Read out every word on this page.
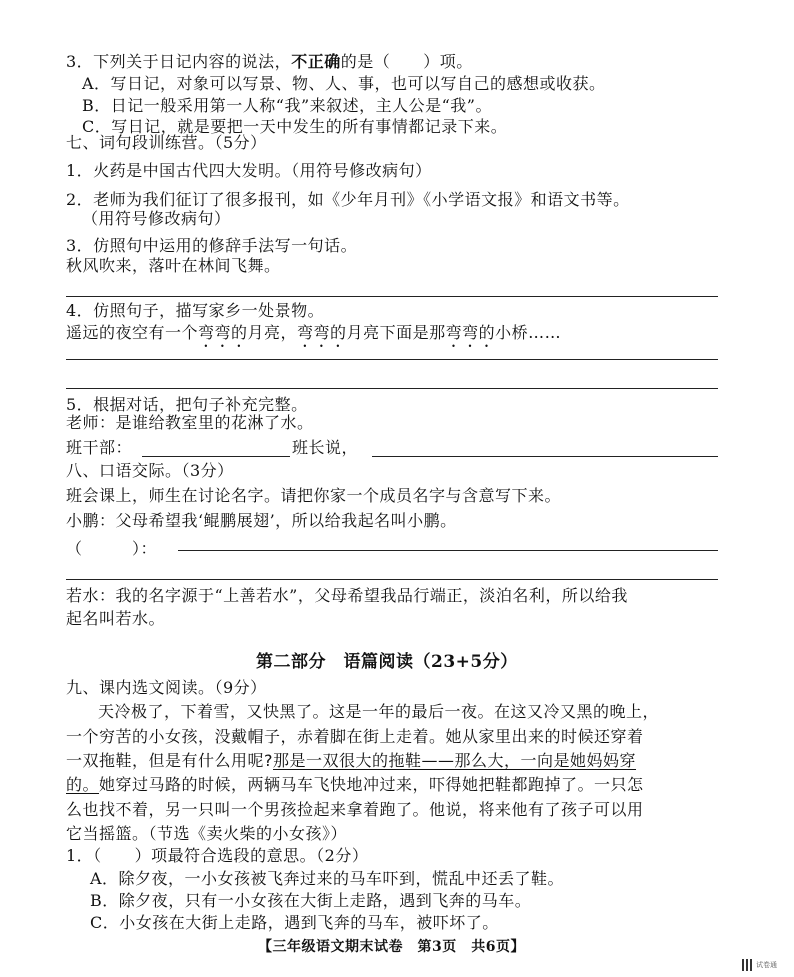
3．下列关于日记内容的说法，不正确的是（　　）项。
A．写日记，对象可以写景、物、人、事，也可以写自己的感想或收获。
B．日记一般采用第一人称“我”来叙述，主人公是“我”。
C．写日记，就是要把一天中发生的所有事情都记录下来。
七、词句段训练营。（5分）
1．火药是中国古代四大发明。（用符号修改病句）
2．老师为我们征订了很多报刊，如《少年月刊》《小学语文报》和语文书等。
（用符号修改病句）
3．仿照句中运用的修辞手法写一句话。
秋风吹来，落叶在林间飞舞。
4．仿照句子，描写家乡一处景物。
遥远的夜空有一个弯弯的月亮，弯弯的月亮下面是那弯弯的小桥……
5．根据对话，把句子补充完整。
老师：是谁给教室里的花淋了水。
班干部：	班长说，
八、口语交际。（3分）
班会课上，师生在讨论名字。请把你家一个成员名字与含意写下来。
小鹏：父母希望我‘鲲鹏展翅’，所以给我起名叫小鹏。
（　　　）：
若水：我的名字源于“上善若水”，父母希望我品行端正，淡泊名利，所以给我
起名叫若水。
第二部分　语篇阅读（23+5分）
九、课内选文阅读。（9分）
天冷极了，下着雪，又快黑了。这是一年的最后一夜。在这又冷又黑的晚上，
一个穷苦的小女孩，没戴帽子，赤着脚在街上走着。她从家里出来的时候还穿着
一双拖鞋，但是有什么用呢?那是一双很大的拖鞋——那么大，一向是她妈妈穿
的。她穿过马路的时候，两辆马车飞快地冲过来，吓得她把鞋都跑掉了。一只怎
么也找不着，另一只叫一个男孩捡起来拿着跑了。他说，将来他有了孩子可以用
它当摇篮。（节选《卖火柴的小女孩》）
1．（　　）项最符合选段的意思。（2分）
A．除夕夜，一小女孩被飞奔过来的马车吓到，慌乱中还丢了鞋。
B．除夕夜，只有一小女孩在大街上走路，遇到飞奔的马车。
C．小女孩在大街上走路，遇到飞奔的马车，被吓坏了。
【三年级语文期末试卷　第3页　共6页】
试卷通
